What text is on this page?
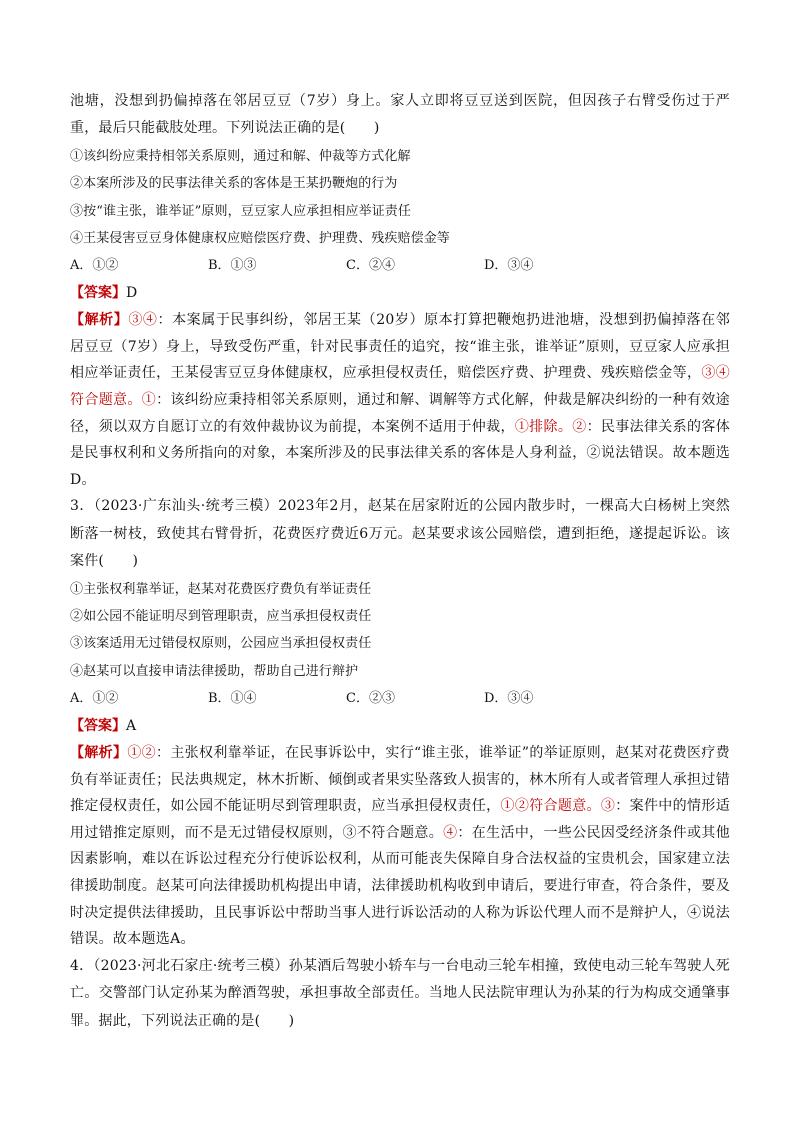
池塘，没想到扔偏掉落在邻居豆豆（7岁）身上。家人立即将豆豆送到医院，但因孩子右臂受伤过于严重，最后只能截肢处理。下列说法正确的是(　　)

①该纠纷应秉持相邻关系原则，通过和解、仲裁等方式化解

②本案所涉及的民事法律关系的客体是王某扔鞭炮的行为

③按“谁主张，谁举证”原则，豆豆家人应承担相应举证责任

④王某侵害豆豆身体健康权应赔偿医疗费、护理费、残疾赔偿金等

A．①②	B．①③	C．②④	D．③④

【答案】D

【解析】③④：本案属于民事纠纷，邻居王某（20岁）原本打算把鞭炮扔进池塘，没想到扔偏掉落在邻居豆豆（7岁）身上，导致受伤严重，针对民事责任的追究，按“谁主张，谁举证”原则，豆豆家人应承担相应举证责任，王某侵害豆豆身体健康权，应承担侵权责任，赔偿医疗费、护理费、残疾赔偿金等，③④符合题意。①：该纠纷应秉持相邻关系原则，通过和解、调解等方式化解，仲裁是解决纠纷的一种有效途径，须以双方自愿订立的有效仲裁协议为前提，本案例不适用于仲裁，①排除。②：民事法律关系的客体是民事权利和义务所指向的对象，本案所涉及的民事法律关系的客体是人身利益，②说法错误。故本题选D。

3．（2023·广东汕头·统考三模）2023年2月，赵某在居家附近的公园内散步时，一棵高大白杨树上突然断落一树枝，致使其右臂骨折，花费医疗费近6万元。赵某要求该公园赔偿，遭到拒绝，遂提起诉讼。该案件(　　)

①主张权利靠举证，赵某对花费医疗费负有举证责任

②如公园不能证明尽到管理职责，应当承担侵权责任

③该案适用无过错侵权原则，公园应当承担侵权责任

④赵某可以直接申请法律援助，帮助自己进行辩护

A．①②	B．①④	C．②③	D．③④

【答案】A

【解析】①②：主张权利靠举证，在民事诉讼中，实行“谁主张，谁举证”的举证原则，赵某对花费医疗费负有举证责任；民法典规定，林木折断、倾倒或者果实坠落致人损害的，林木所有人或者管理人承担过错推定侵权责任，如公园不能证明尽到管理职责，应当承担侵权责任，①②符合题意。③：案件中的情形适用过错推定原则，而不是无过错侵权原则，③不符合题意。④：在生活中，一些公民因受经济条件或其他因素影响，难以在诉讼过程充分行使诉讼权利，从而可能丧失保障自身合法权益的宝贵机会，国家建立法律援助制度。赵某可向法律援助机构提出申请，法律援助机构收到申请后，要进行审查，符合条件，要及时决定提供法律援助，且民事诉讼中帮助当事人进行诉讼活动的人称为诉讼代理人而不是辩护人，④说法错误。故本题选A。

4．（2023·河北石家庄·统考三模）孙某酒后驾驶小轿车与一台电动三轮车相撞，致使电动三轮车驾驶人死亡。交警部门认定孙某为醉酒驾驶，承担事故全部责任。当地人民法院审理认为孙某的行为构成交通肇事罪。据此，下列说法正确的是(　　)
